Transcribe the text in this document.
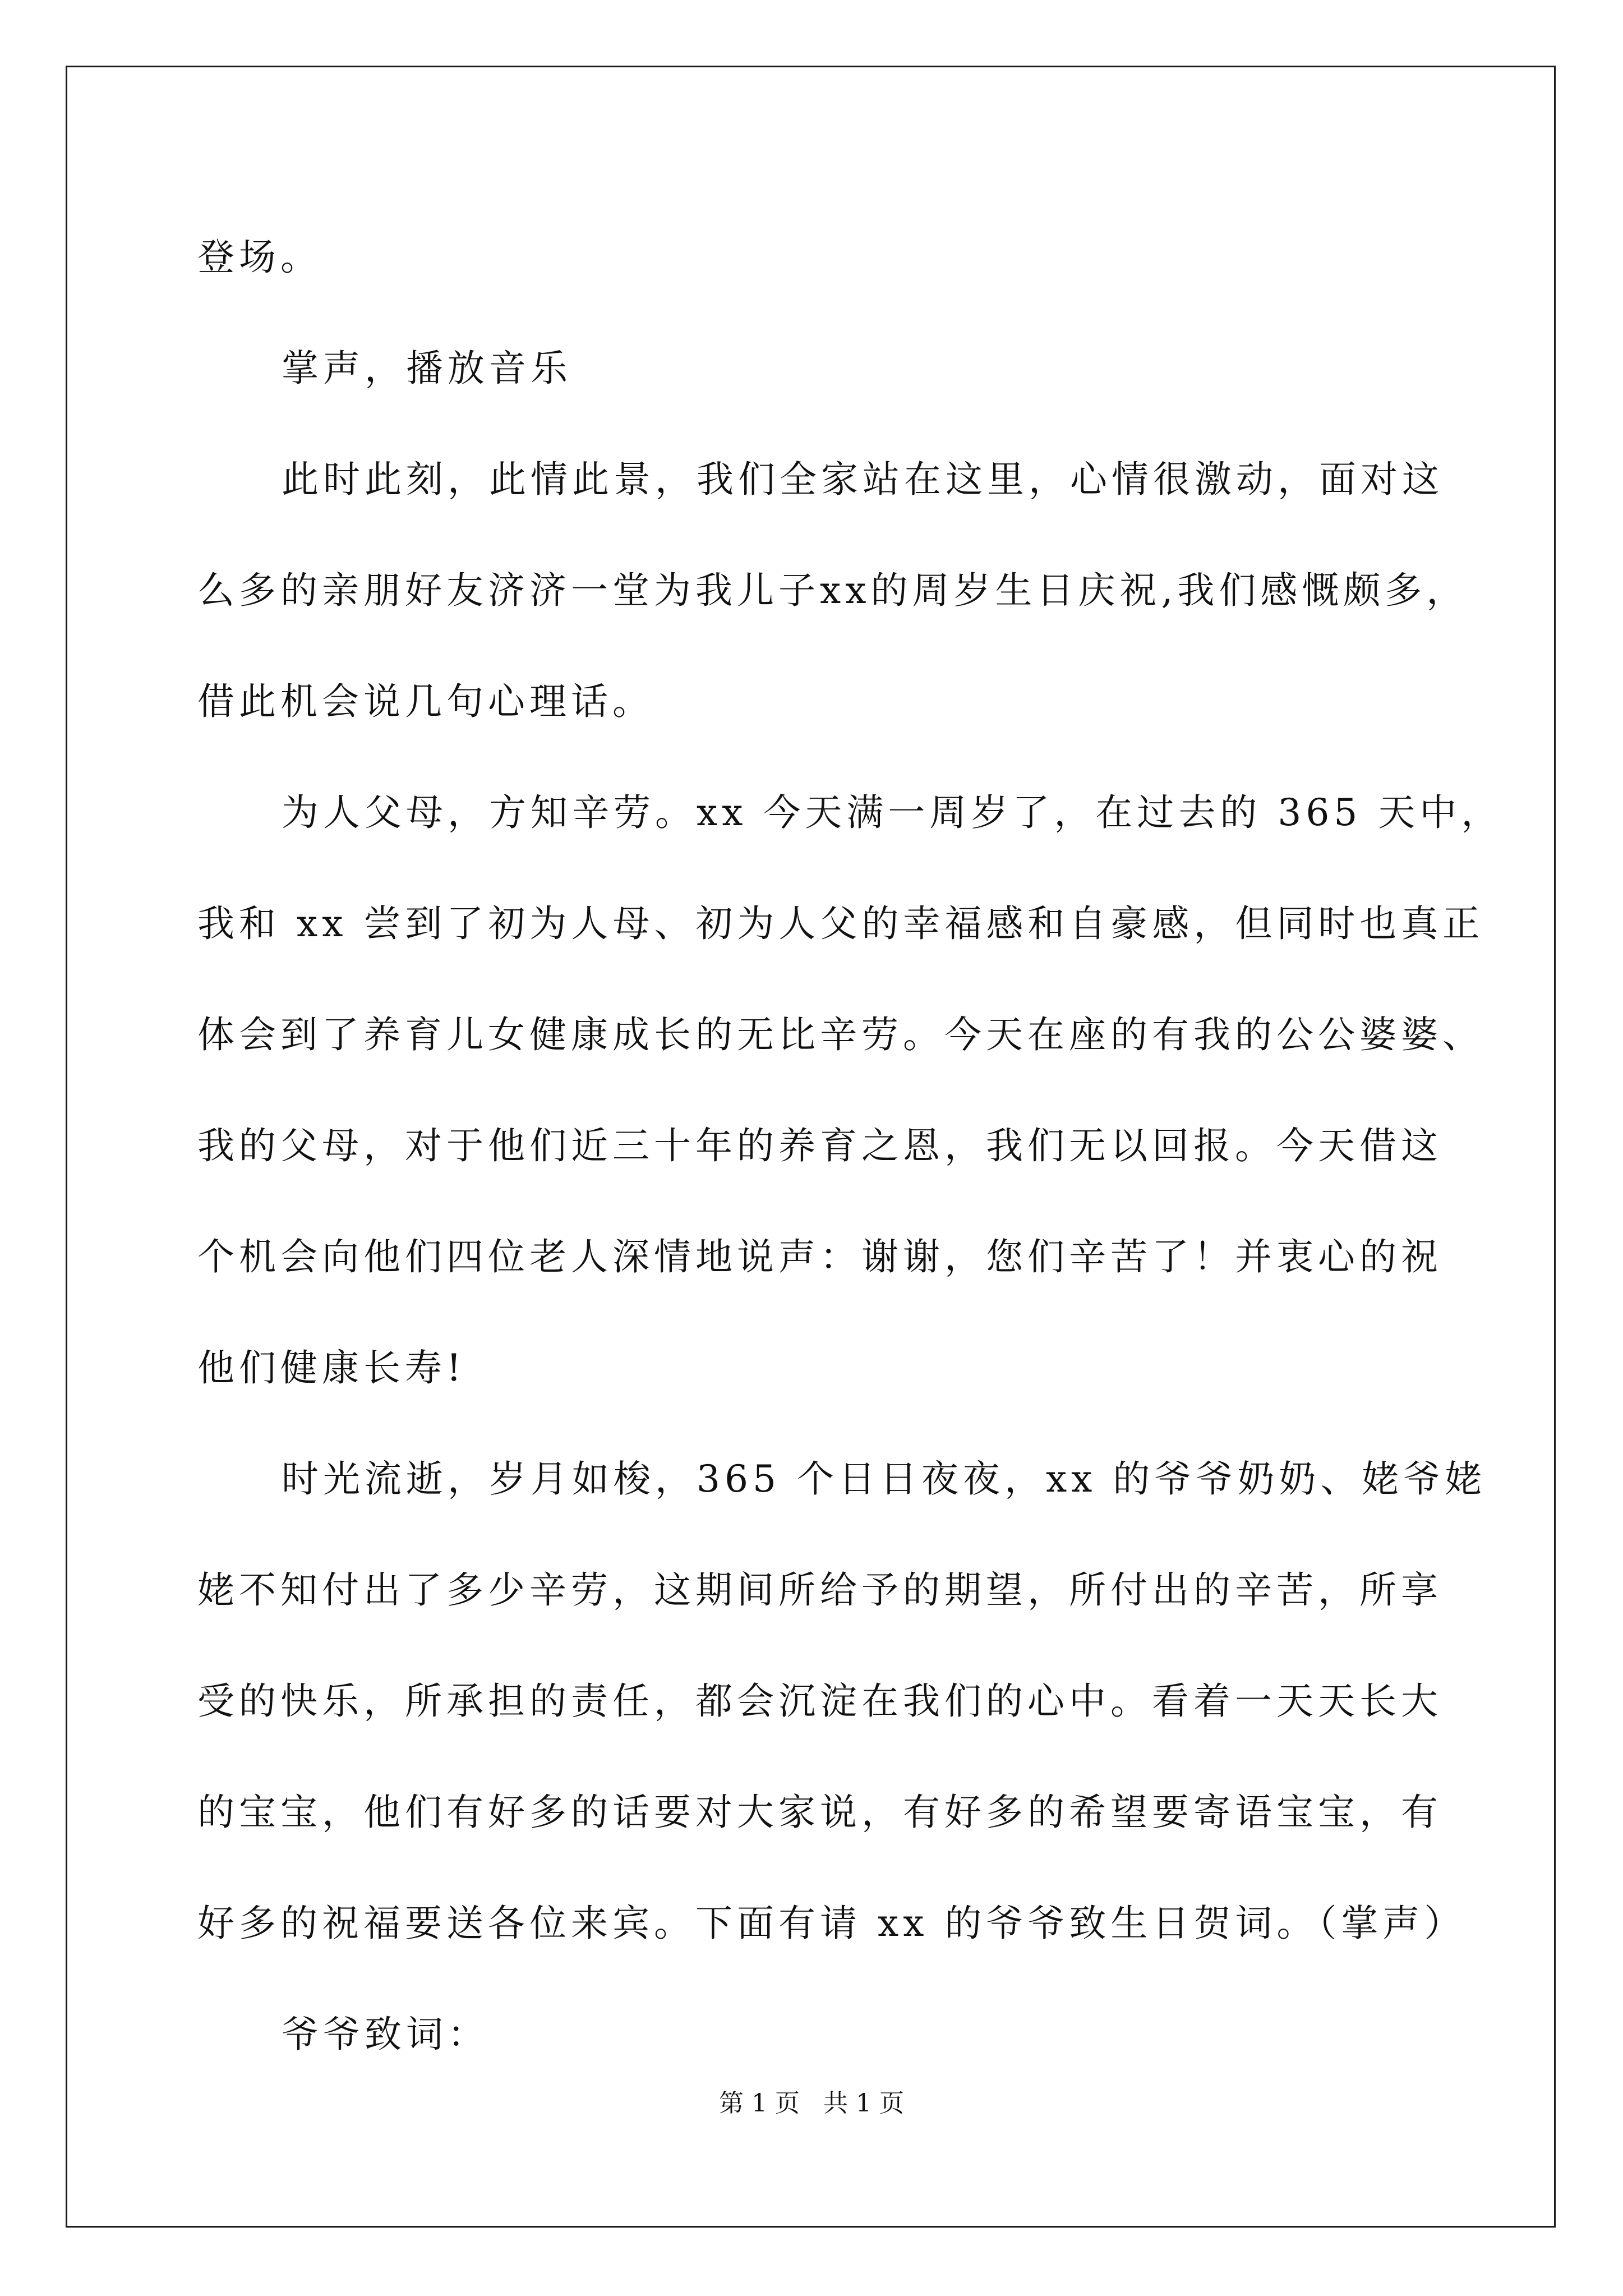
登场。
掌声，播放音乐
此时此刻，此情此景，我们全家站在这里，心情很激动，面对这
么多的亲朋好友济济一堂为我儿子xx的周岁生日庆祝,我们感慨颇多，
借此机会说几句心理话。
为人父母，方知辛劳。xx 今天满一周岁了，在过去的 365 天中，
我和 xx 尝到了初为人母、初为人父的幸福感和自豪感，但同时也真正
体会到了养育儿女健康成长的无比辛劳。今天在座的有我的公公婆婆、
我的父母，对于他们近三十年的养育之恩，我们无以回报。今天借这
个机会向他们四位老人深情地说声：谢谢，您们辛苦了！并衷心的祝
他们健康长寿!
时光流逝，岁月如梭，365 个日日夜夜，xx 的爷爷奶奶、姥爷姥
姥不知付出了多少辛劳，这期间所给予的期望，所付出的辛苦，所享
受的快乐，所承担的责任，都会沉淀在我们的心中。看着一天天长大
的宝宝，他们有好多的话要对大家说，有好多的希望要寄语宝宝，有
好多的祝福要送各位来宾。下面有请 xx 的爷爷致生日贺词。（掌声）
爷爷致词：
第 1 页   共 1 页
